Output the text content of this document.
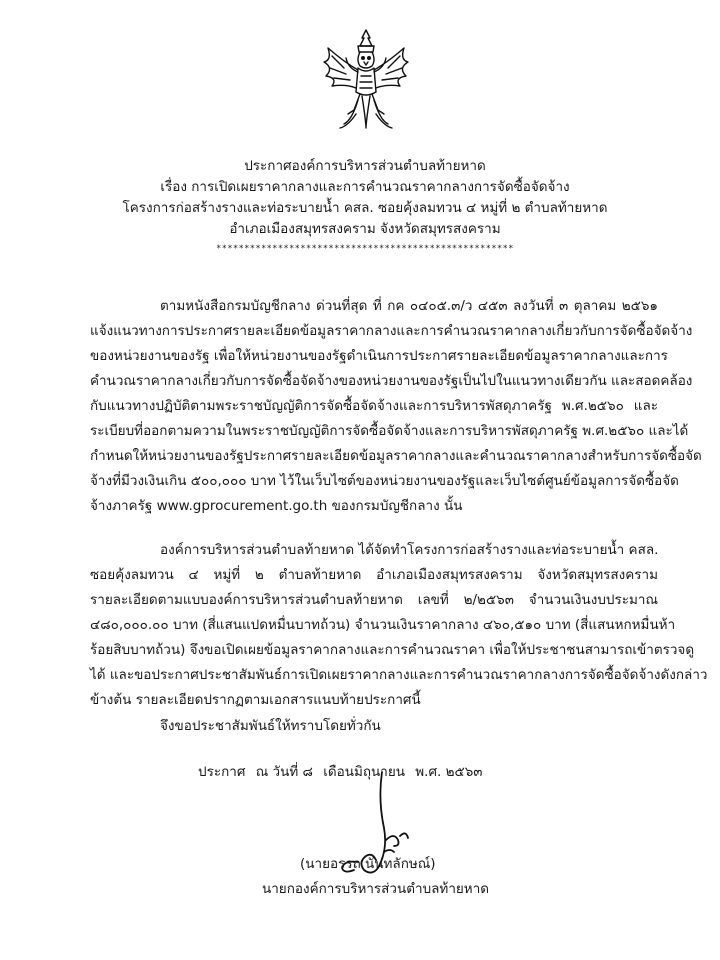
ประกาศองค์การบริหารส่วนตำบลท้ายหาด
เรื่อง การเปิดเผยราคากลางและการคำนวณราคากลางการจัดซื้อจัดจ้าง
โครงการก่อสร้างรางและท่อระบายน้ำ คสล. ซอยคุ้งลมทวน ๔ หมู่ที่ ๒ ตำบลท้ายหาด
อำเภอเมืองสมุทรสงคราม จังหวัดสมุทรสงคราม
*****************************************************
ตามหนังสือกรมบัญชีกลาง ด่วนที่สุด ที่ กค ๐๔๐๕.๓/ว ๔๕๓ ลงวันที่ ๓ ตุลาคม ๒๕๖๑
แจ้งแนวทางการประกาศรายละเอียดข้อมูลราคากลางและการคำนวณราคากลางเกี่ยวกับการจัดซื้อจัดจ้าง
ของหน่วยงานของรัฐ เพื่อให้หน่วยงานของรัฐดำเนินการประกาศรายละเอียดข้อมูลราคากลางและการ
คำนวณราคากลางเกี่ยวกับการจัดซื้อจัดจ้างของหน่วยงานของรัฐเป็นไปในแนวทางเดียวกัน และสอดคล้อง
กับแนวทางปฏิบัติตามพระราชบัญญัติการจัดซื้อจัดจ้างและการบริหารพัสดุภาครัฐ พ.ศ.๒๕๖๐ และ
ระเบียบที่ออกตามความในพระราชบัญญัติการจัดซื้อจัดจ้างและการบริหารพัสดุภาครัฐ พ.ศ.๒๕๖๐ และได้
กำหนดให้หน่วยงานของรัฐประกาศรายละเอียดข้อมูลราคากลางและคำนวณราคากลางสำหรับการจัดซื้อจัด
จ้างที่มีวงเงินเกิน ๕๐๐,๐๐๐ บาท ไว้ในเว็บไซต์ของหน่วยงานของรัฐและเว็บไซต์ศูนย์ข้อมูลการจัดซื้อจัด
จ้างภาครัฐ www.gprocurement.go.th ของกรมบัญชีกลาง นั้น
องค์การบริหารส่วนตำบลท้ายหาด ได้จัดทำโครงการก่อสร้างรางและท่อระบายน้ำ คสล.
ซอยคุ้งลมทวน ๔ หมู่ที่ ๒ ตำบลท้ายหาด อำเภอเมืองสมุทรสงคราม จังหวัดสมุทรสงคราม
รายละเอียดตามแบบองค์การบริหารส่วนตำบลท้ายหาด เลขที่ ๒/๒๕๖๓ จำนวนเงินงบประมาณ
๔๘๐,๐๐๐.๐๐ บาท (สี่แสนแปดหมื่นบาทถ้วน) จำนวนเงินราคากลาง ๔๖๐,๕๑๐ บาท (สี่แสนหกหมื่นห้า
ร้อยสิบบาทถ้วน) จึงขอเปิดเผยข้อมูลราคากลางและการคำนวณราคา เพื่อให้ประชาชนสามารถเข้าตรวจดู
ได้ และขอประกาศประชาสัมพันธ์การเปิดเผยราคากลางและการคำนวณราคากลางการจัดซื้อจัดจ้างดังกล่าว
ข้างต้น รายละเอียดปรากฏตามเอกสารแนบท้ายประกาศนี้
จึงขอประชาสัมพันธ์ให้ทราบโดยทั่วกัน
ประกาศ ณ วันที่ ๘ เดือนมิถุนายน พ.ศ. ๒๕๖๓
(นายอรรถ นันทลักษณ์)
นายกองค์การบริหารส่วนตำบลท้ายหาด
